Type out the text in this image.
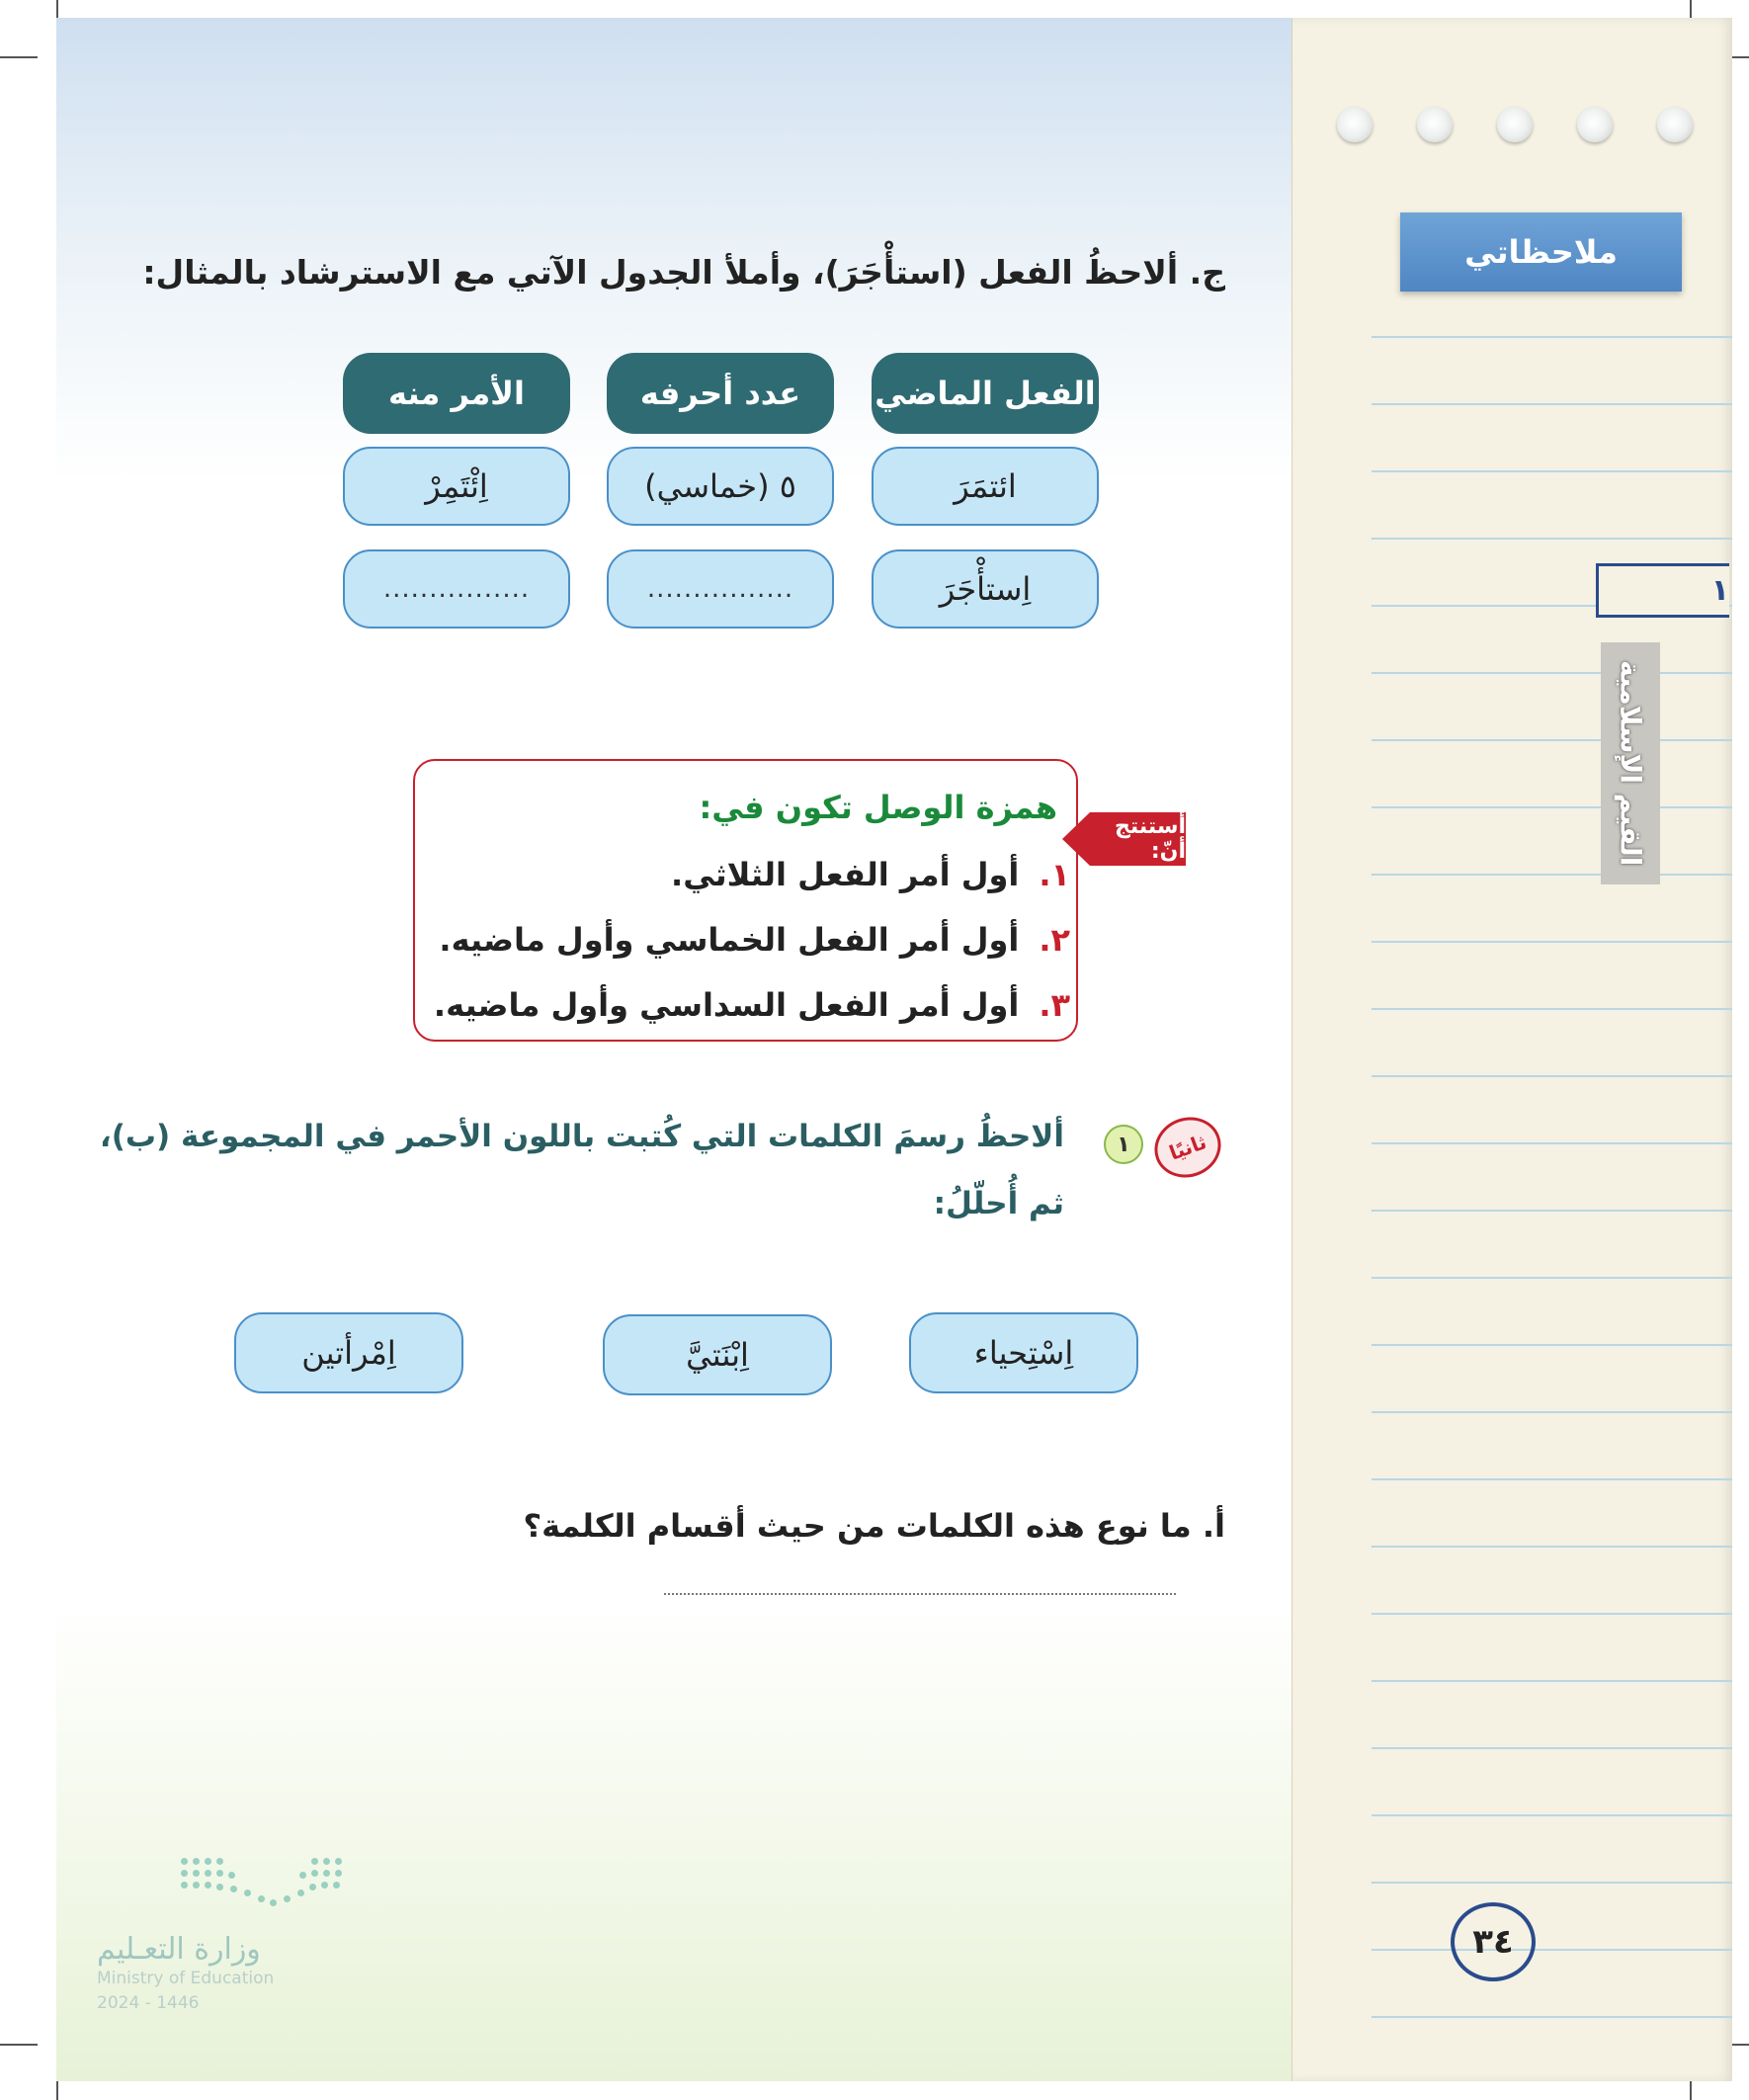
ملاحظاتي
١
القيم الإسلامية
٣٤
ج. ألاحظُ الفعل (استأْجَرَ)، وأملأ الجدول الآتي مع الاسترشاد بالمثال:
الفعل الماضي
عدد أحرفه
الأمر منه
ائتمَرَ
٥ (خماسي)
اِئْتَمِرْ
اِستأْجَرَ
................
................
أستنتج أنّ:
همزة الوصل تكون في:
١.أول أمر الفعل الثلاثي.
٢.أول أمر الفعل الخماسي وأول ماضيه.
٣.أول أمر الفعل السداسي وأول ماضيه.
ثانيًا
١
ألاحظُ رسمَ الكلمات التي كُتبت باللون الأحمر في المجموعة (ب)،
ثم أُحلّلُ:
اِسْتِحياء
اِبْنَتيَّ
اِمْرأتين
أ. ما نوع هذه الكلمات من حيث أقسام الكلمة؟
وزارة التعـليم
Ministry of Education
2024 - 1446
